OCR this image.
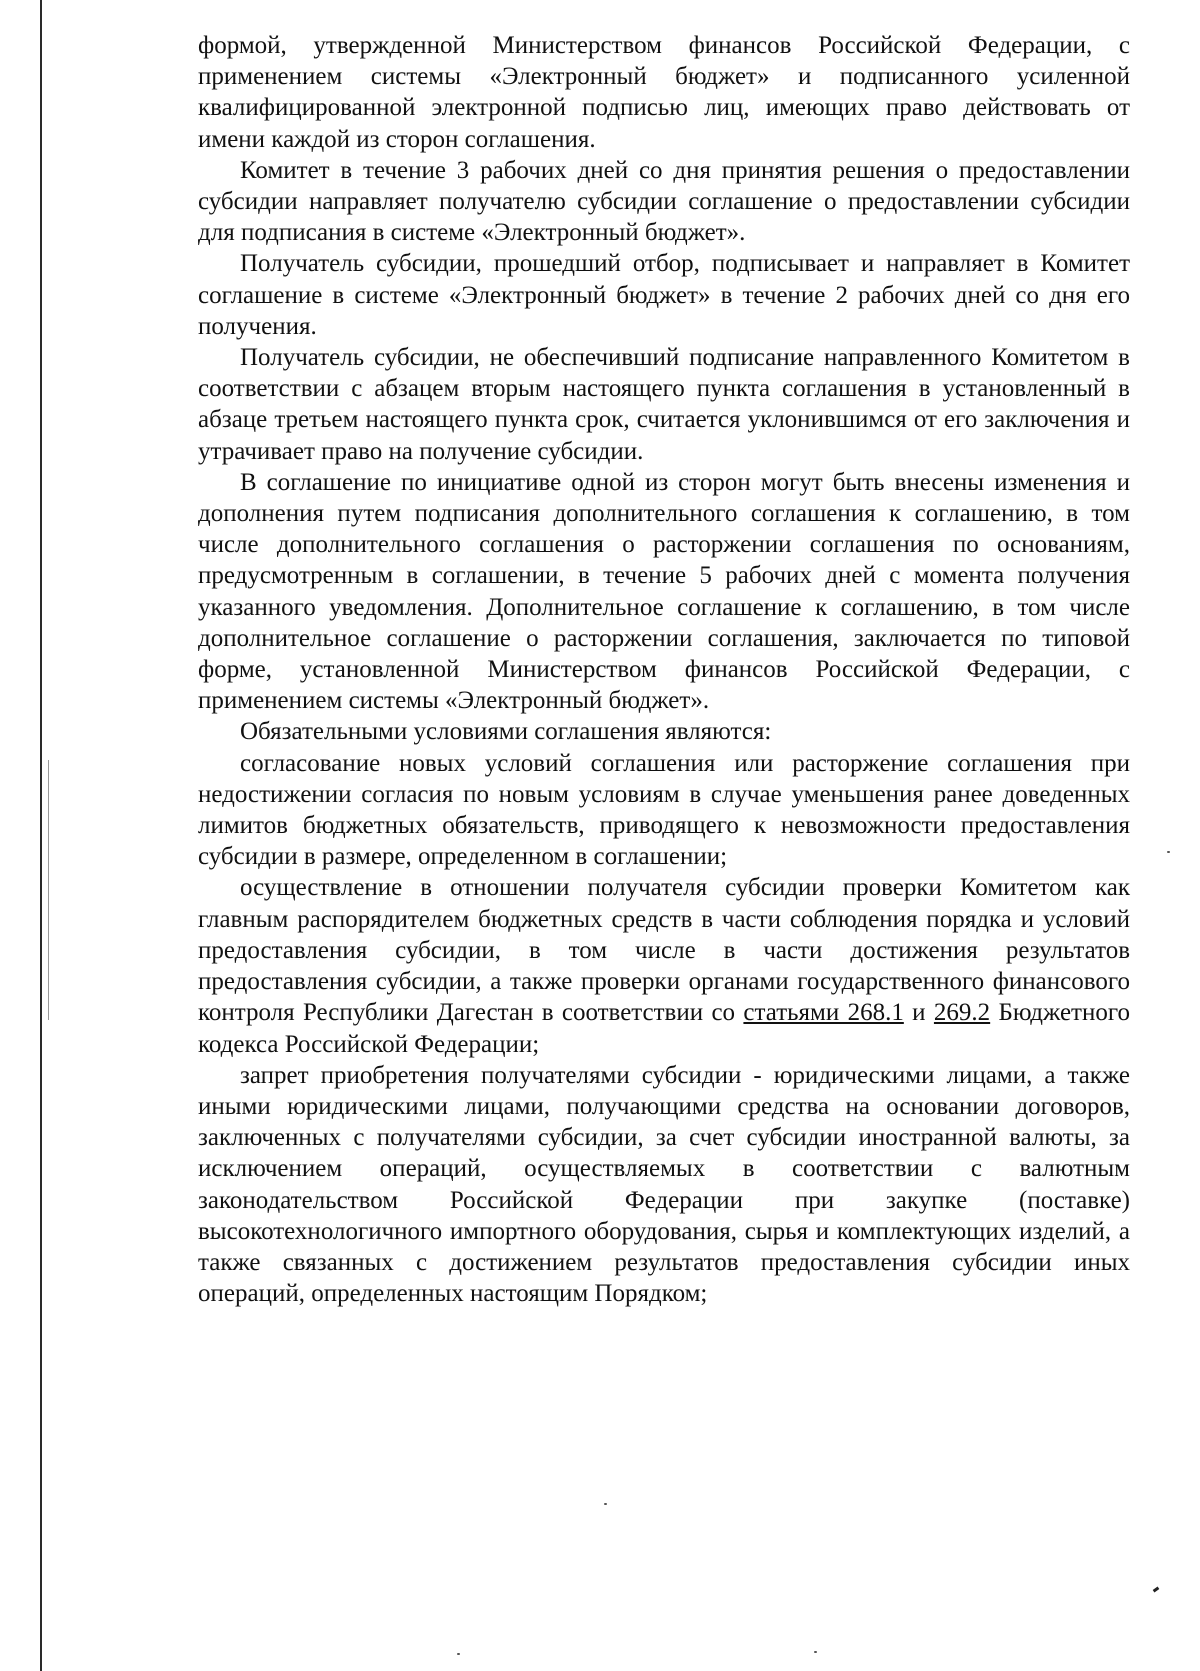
формой, утвержденной Министерством финансов Российской Федерации, с применением системы «Электронный бюджет» и подписанного усиленной квалифицированной электронной подписью лиц, имеющих право действовать от имени каждой из сторон соглашения.

Комитет в течение 3 рабочих дней со дня принятия решения о предоставлении субсидии направляет получателю субсидии соглашение о предоставлении субсидии для подписания в системе «Электронный бюджет».

Получатель субсидии, прошедший отбор, подписывает и направляет в Комитет соглашение в системе «Электронный бюджет» в течение 2 рабочих дней со дня его получения.

Получатель субсидии, не обеспечивший подписание направленного Комитетом в соответствии с абзацем вторым настоящего пункта соглашения в установленный в абзаце третьем настоящего пункта срок, считается уклонившимся от его заключения и утрачивает право на получение субсидии.

В соглашение по инициативе одной из сторон могут быть внесены изменения и дополнения путем подписания дополнительного соглашения к соглашению, в том числе дополнительного соглашения о расторжении соглашения по основаниям, предусмотренным в соглашении, в течение 5 рабочих дней с момента получения указанного уведомления. Дополнительное соглашение к соглашению, в том числе дополнительное соглашение о расторжении соглашения, заключается по типовой форме, установленной Министерством финансов Российской Федерации, с применением системы «Электронный бюджет».

Обязательными условиями соглашения являются:

согласование новых условий соглашения или расторжение соглашения при недостижении согласия по новым условиям в случае уменьшения ранее доведенных лимитов бюджетных обязательств, приводящего к невозможности предоставления субсидии в размере, определенном в соглашении;

осуществление в отношении получателя субсидии проверки Комитетом как главным распорядителем бюджетных средств в части соблюдения порядка и условий предоставления субсидии, в том числе в части достижения результатов предоставления субсидии, а также проверки органами государственного финансового контроля Республики Дагестан в соответствии со статьями 268.1 и 269.2 Бюджетного кодекса Российской Федерации;

запрет приобретения получателями субсидии - юридическими лицами, а также иными юридическими лицами, получающими средства на основании договоров, заключенных с получателями субсидии, за счет субсидии иностранной валюты, за исключением операций, осуществляемых в соответствии с валютным законодательством Российской Федерации при закупке (поставке) высокотехнологичного импортного оборудования, сырья и комплектующих изделий, а также связанных с достижением результатов предоставления субсидии иных операций, определенных настоящим Порядком;
